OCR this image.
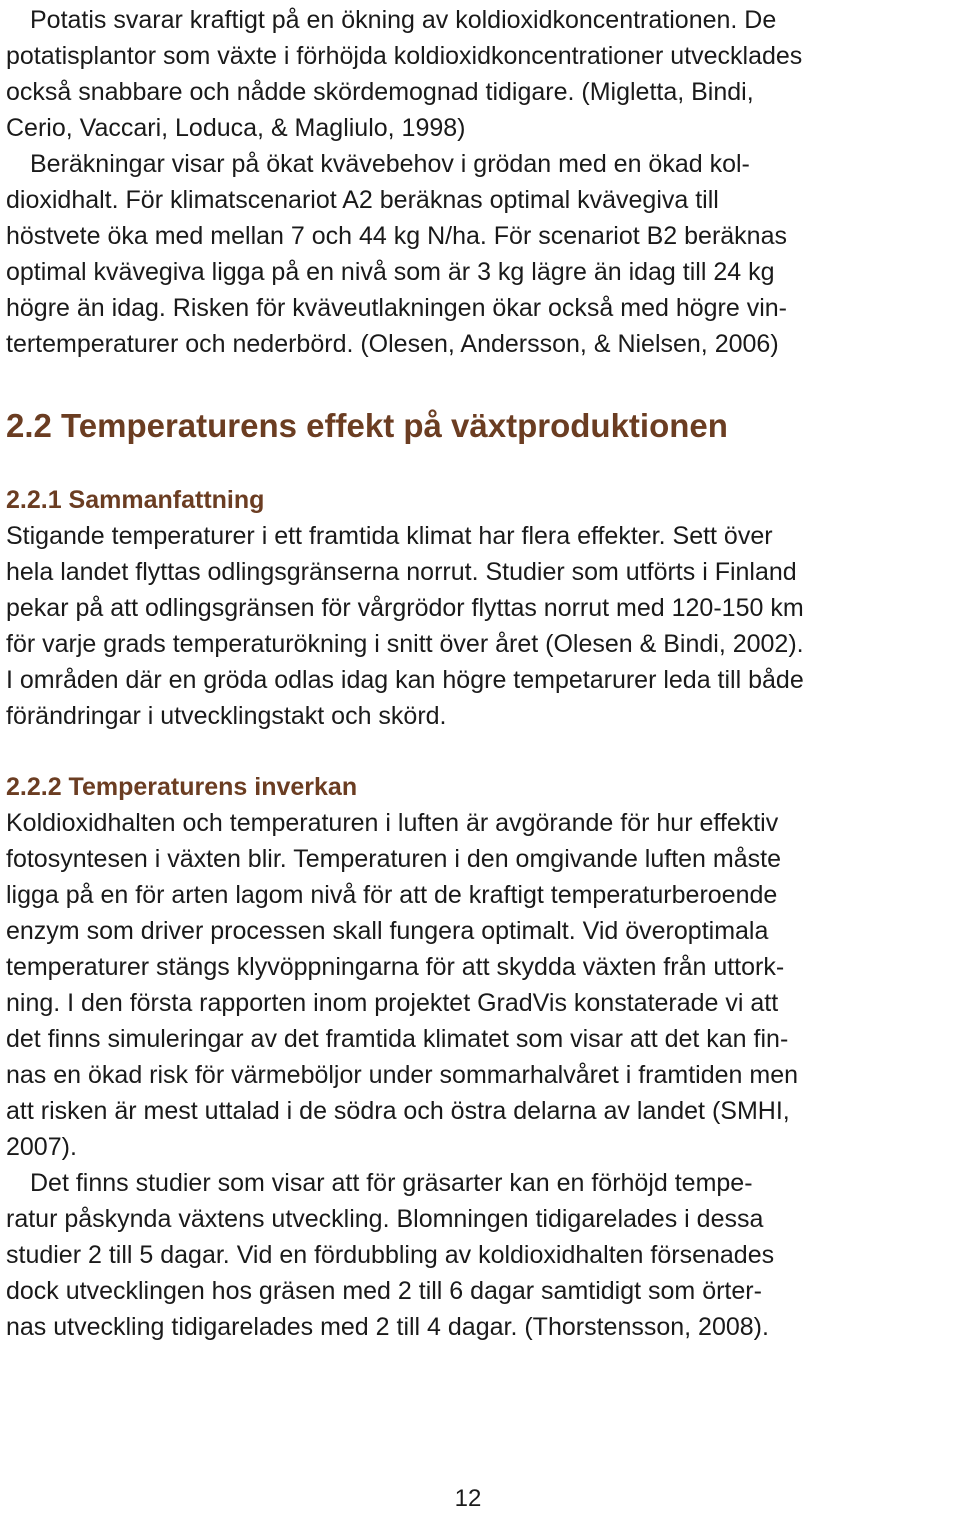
Potatis svarar kraftigt på en ökning av koldioxidkoncentrationen. De
potatisplantor som växte i förhöjda koldioxidkoncentrationer utvecklades
också snabbare och nådde skördemognad tidigare. (Migletta, Bindi,
Cerio, Vaccari, Loduca, & Magliulo, 1998)
Beräkningar visar på ökat kvävebehov i grödan med en ökad kol-
dioxidhalt. För klimatscenariot A2 beräknas optimal kvävegiva till
höstvete öka med mellan 7 och 44 kg N/ha. För scenariot B2 beräknas
optimal kvävegiva ligga på en nivå som är 3 kg lägre än idag till 24 kg
högre än idag. Risken för kväveutlakningen ökar också med högre vin-
tertemperaturer och nederbörd. (Olesen, Andersson, & Nielsen, 2006)
2.2 Temperaturens effekt på växtproduktionen
2.2.1 Sammanfattning
Stigande temperaturer i ett framtida klimat har flera effekter. Sett över
hela landet flyttas odlingsgränserna norrut. Studier som utförts i Finland
pekar på att odlingsgränsen för vårgrödor flyttas norrut med 120-150 km
för varje grads temperaturökning i snitt över året (Olesen & Bindi, 2002).
I områden där en gröda odlas idag kan högre tempetarurer leda till både
förändringar i utvecklingstakt och skörd.
2.2.2 Temperaturens inverkan
Koldioxidhalten och temperaturen i luften är avgörande för hur effektiv
fotosyntesen i växten blir. Temperaturen i den omgivande luften måste
ligga på en för arten lagom nivå för att de kraftigt temperaturberoende
enzym som driver processen skall fungera optimalt. Vid överoptimala
temperaturer stängs klyvöppningarna för att skydda växten från uttork-
ning. I den första rapporten inom projektet GradVis konstaterade vi att
det finns simuleringar av det framtida klimatet som visar att det kan fin-
nas en ökad risk för värmeböljor under sommarhalvåret i framtiden men
att risken är mest uttalad i de södra och östra delarna av landet (SMHI,
2007).
Det finns studier som visar att för gräsarter kan en förhöjd tempe-
ratur påskynda växtens utveckling. Blomningen tidigarelades i dessa
studier 2 till 5 dagar. Vid en fördubbling av koldioxidhalten försenades
dock utvecklingen hos gräsen med 2 till 6 dagar samtidigt som örter-
nas utveckling tidigarelades med 2 till 4 dagar. (Thorstensson, 2008).
12
